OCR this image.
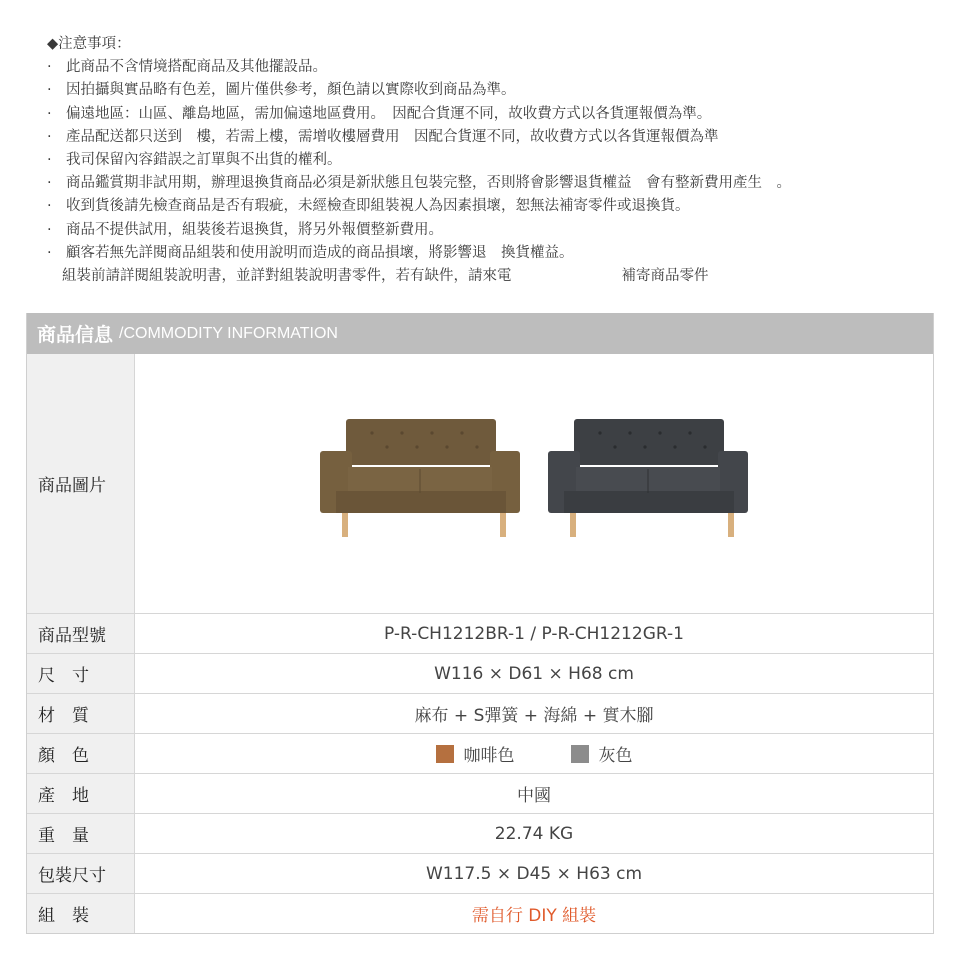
◆注意事項：
. 此商品不含情境搭配商品及其他擺設品。
. 因拍攝與實品略有色差，圖片僅供參考，顏色請以實際收到商品為準。
. 偏遠地區：山區、離島地區，需加偏遠地區費用。　因配合貨運不同，故收費方式以各貨運報價為準。
. 產品配送都只送到　樓，若需上樓，需增收樓層費用　因配合貨運不同，故收費方式以各貨運報價為準
. 我司保留內容錯誤之訂單與不出貨的權利。
. 商品鑑賞期非試用期，辦理退換貨商品必須是新狀態且包裝完整，否則將會影響退貨權益　會有整新費用產生　。
. 收到貨後請先檢查商品是否有瑕疵，未經檢查即組裝視人為因素損壞，恕無法補寄零件或退換貨。
. 商品不提供試用，組裝後若退換貨，將另外報價整新費用。
. 顧客若無先詳閱商品組裝和使用說明而造成的商品損壞，將影響退　換貨權益。
組裝前請詳閱組裝說明書，並詳對組裝說明書零件，若有缺件，請來電	補寄商品零件
商品信息 /COMMODITY INFORMATION
商品圖片
商品型號	P-R-CH1212BR-1 / P-R-CH1212GR-1
尺　寸	W116 × D61 × H68 cm
材　質	麻布 + S彈簧 + 海綿 + 實木腳
顏　色	咖啡色	灰色
產　地	中國
重　量	22.74 KG
包裝尺寸	W117.5 × D45 × H63 cm
組　裝	需自行 DIY 組裝
